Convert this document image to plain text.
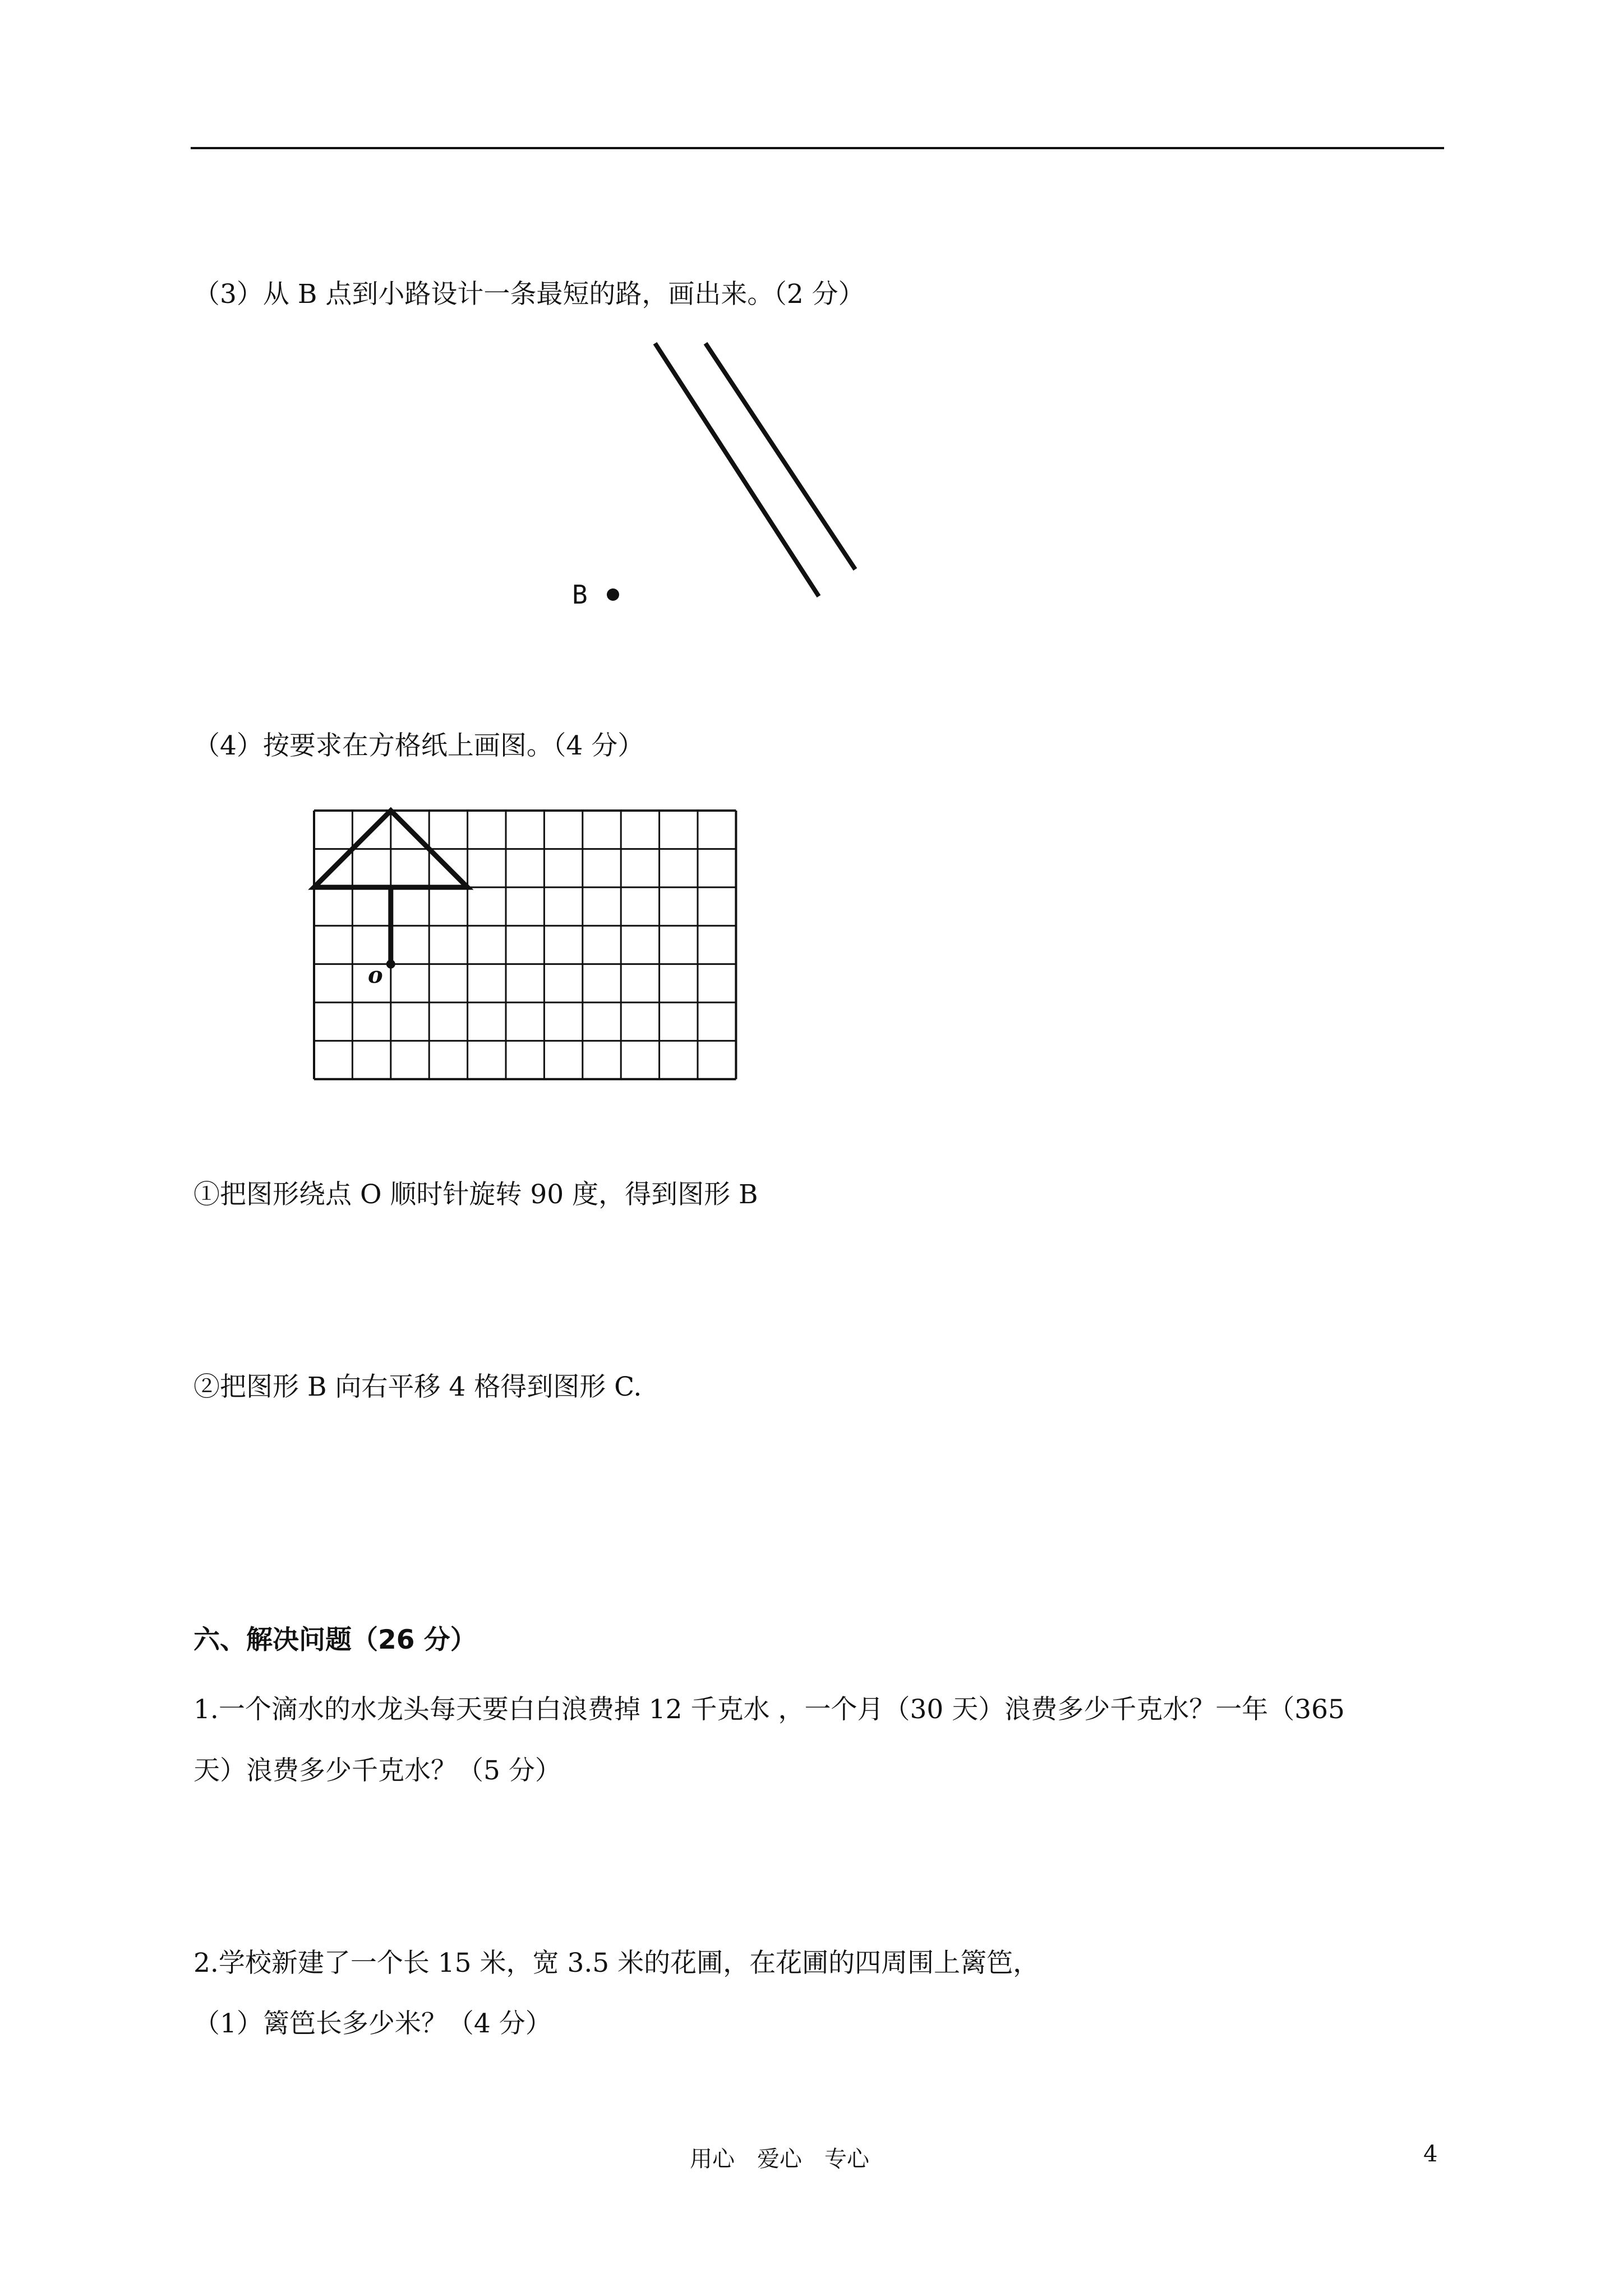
（3）从 B 点到小路设计一条最短的路，画出来。（2 分）
B
（4）按要求在方格纸上画图。（4 分）
o
①把图形绕点 O 顺时针旋转 90 度，得到图形 B
②把图形 B 向右平移 4 格得到图形 C.
六、解决问题（26 分）
1.一个滴水的水龙头每天要白白浪费掉 12 千克水 ，一个月（30 天）浪费多少千克水？一年（365
天）浪费多少千克水？（5 分）
2.学校新建了一个长 15 米，宽 3.5 米的花圃，在花圃的四周围上篱笆，
（1）篱笆长多少米？（4 分）
用心　爱心　专心	4
